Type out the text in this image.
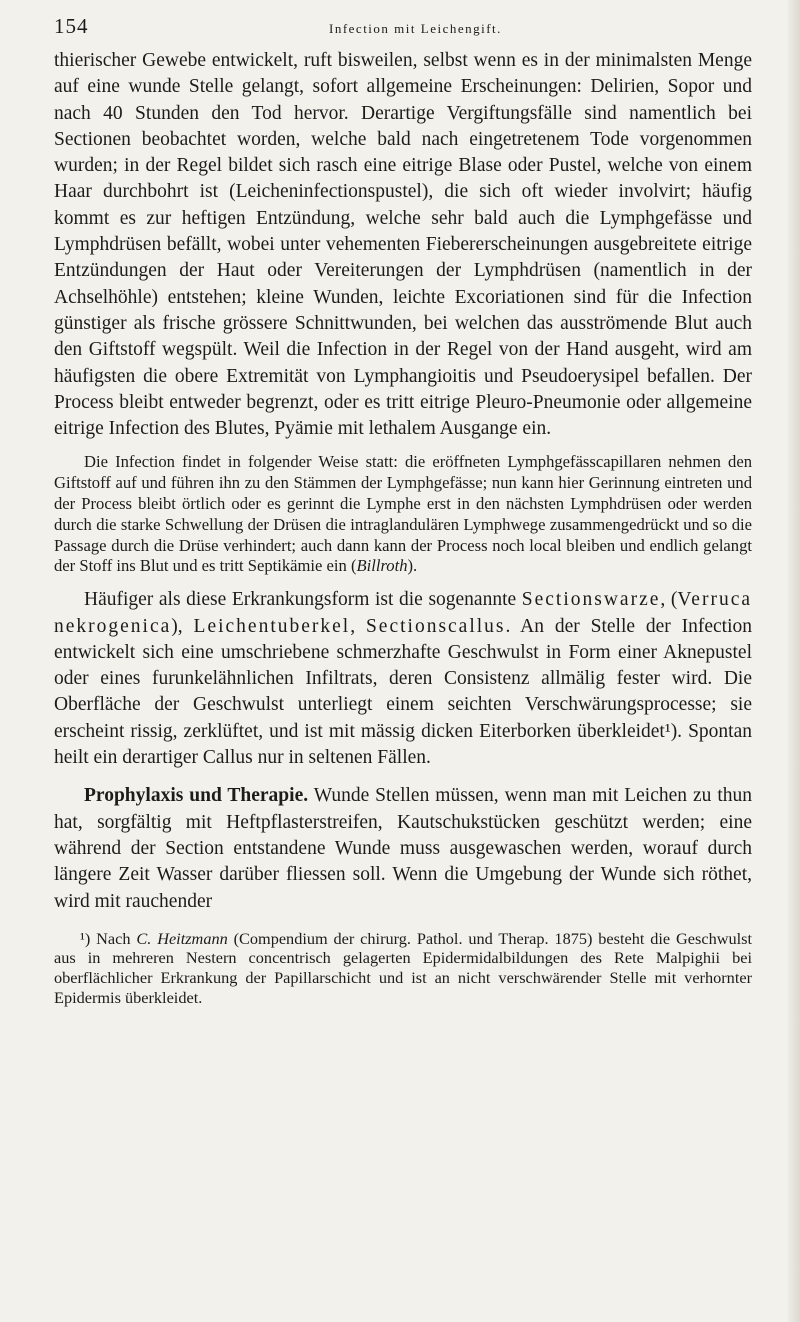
154	Infection mit Leichengift.

thierischer Gewebe entwickelt, ruft bisweilen, selbst wenn es in der minimalsten Menge auf eine wunde Stelle gelangt, sofort allgemeine Erscheinungen: Delirien, Sopor und nach 40 Stunden den Tod hervor. Derartige Vergiftungsfälle sind namentlich bei Sectionen beobachtet worden, welche bald nach eingetretenem Tode vorgenommen wurden; in der Regel bildet sich rasch eine eitrige Blase oder Pustel, welche von einem Haar durchbohrt ist (Leicheninfectionspustel), die sich oft wieder involvirt; häufig kommt es zur heftigen Entzündung, welche sehr bald auch die Lymphgefässe und Lymphdrüsen befällt, wobei unter vehementen Fiebererscheinungen ausgebreitete eitrige Entzündungen der Haut oder Vereiterungen der Lymphdrüsen (namentlich in der Achselhöhle) entstehen; kleine Wunden, leichte Excoriationen sind für die Infection günstiger als frische grössere Schnittwunden, bei welchen das ausströmende Blut auch den Giftstoff wegspült. Weil die Infection in der Regel von der Hand ausgeht, wird am häufigsten die obere Extremität von Lymphangioitis und Pseudoerysipel befallen. Der Process bleibt entweder begrenzt, oder es tritt eitrige Pleuro-Pneumonie oder allgemeine eitrige Infection des Blutes, Pyämie mit lethalem Ausgange ein.

Die Infection findet in folgender Weise statt: die eröffneten Lymphgefässcapillaren nehmen den Giftstoff auf und führen ihn zu den Stämmen der Lymphgefässe; nun kann hier Gerinnung eintreten und der Process bleibt örtlich oder es gerinnt die Lymphe erst in den nächsten Lymphdrüsen oder werden durch die starke Schwellung der Drüsen die intraglandulären Lymphwege zusammengedrückt und so die Passage durch die Drüse verhindert; auch dann kann der Process noch local bleiben und endlich gelangt der Stoff ins Blut und es tritt Septikämie ein (Billroth).

Häufiger als diese Erkrankungsform ist die sogenannte Sectionswarze, (Verruca nekrogenica), Leichentuberkel, Sectionscallus. An der Stelle der Infection entwickelt sich eine umschriebene schmerzhafte Geschwulst in Form einer Aknepustel oder eines furunkelähnlichen Infiltrats, deren Consistenz allmälig fester wird. Die Oberfläche der Geschwulst unterliegt einem seichten Verschwärungsprocesse; sie erscheint rissig, zerklüftet, und ist mit mässig dicken Eiterborken überkleidet¹). Spontan heilt ein derartiger Callus nur in seltenen Fällen.

Prophylaxis und Therapie. Wunde Stellen müssen, wenn man mit Leichen zu thun hat, sorgfältig mit Heftpflasterstreifen, Kautschukstücken geschützt werden; eine während der Section entstandene Wunde muss ausgewaschen werden, worauf durch längere Zeit Wasser darüber fliessen soll. Wenn die Umgebung der Wunde sich röthet, wird mit rauchender

¹) Nach C. Heitzmann (Compendium der chirurg. Pathol. und Therap. 1875) besteht die Geschwulst aus in mehreren Nestern concentrisch gelagerten Epidermidalbildungen des Rete Malpighii bei oberflächlicher Erkrankung der Papillarschicht und ist an nicht verschwärender Stelle mit verhornter Epidermis überkleidet.
